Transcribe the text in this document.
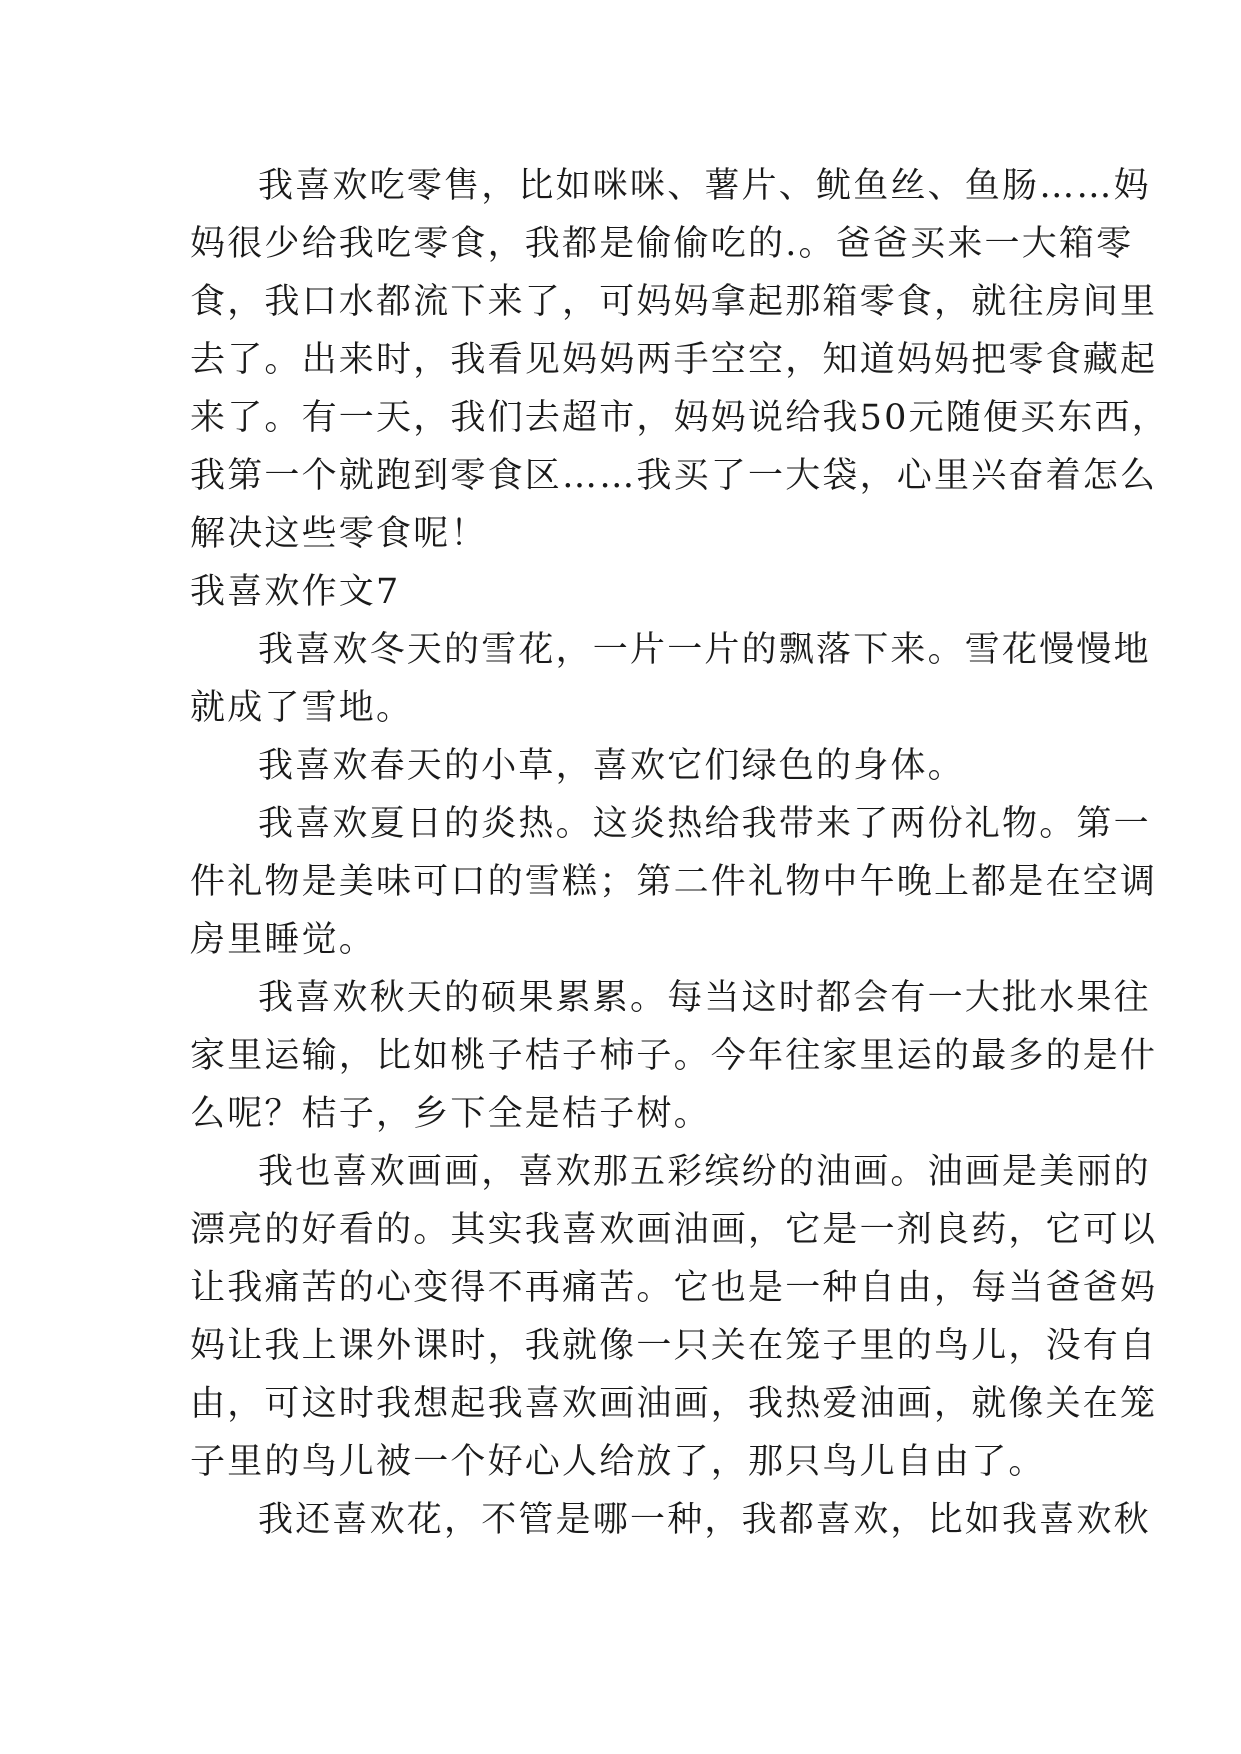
我喜欢吃零售，比如咪咪、薯片、鱿鱼丝、鱼肠……妈
妈很少给我吃零食，我都是偷偷吃的.。爸爸买来一大箱零
食，我口水都流下来了，可妈妈拿起那箱零食，就往房间里
去了。出来时，我看见妈妈两手空空，知道妈妈把零食藏起
来了。有一天，我们去超市，妈妈说给我50元随便买东西，
我第一个就跑到零食区……我买了一大袋，心里兴奋着怎么
解决这些零食呢！
我喜欢作文7
我喜欢冬天的雪花，一片一片的飘落下来。雪花慢慢地
就成了雪地。
我喜欢春天的小草，喜欢它们绿色的身体。
我喜欢夏日的炎热。这炎热给我带来了两份礼物。第一
件礼物是美味可口的雪糕；第二件礼物中午晚上都是在空调
房里睡觉。
我喜欢秋天的硕果累累。每当这时都会有一大批水果往
家里运输，比如桃子桔子柿子。今年往家里运的最多的是什
么呢？桔子，乡下全是桔子树。
我也喜欢画画，喜欢那五彩缤纷的油画。油画是美丽的
漂亮的好看的。其实我喜欢画油画，它是一剂良药，它可以
让我痛苦的心变得不再痛苦。它也是一种自由，每当爸爸妈
妈让我上课外课时，我就像一只关在笼子里的鸟儿，没有自
由，可这时我想起我喜欢画油画，我热爱油画，就像关在笼
子里的鸟儿被一个好心人给放了，那只鸟儿自由了。
我还喜欢花，不管是哪一种，我都喜欢，比如我喜欢秋
